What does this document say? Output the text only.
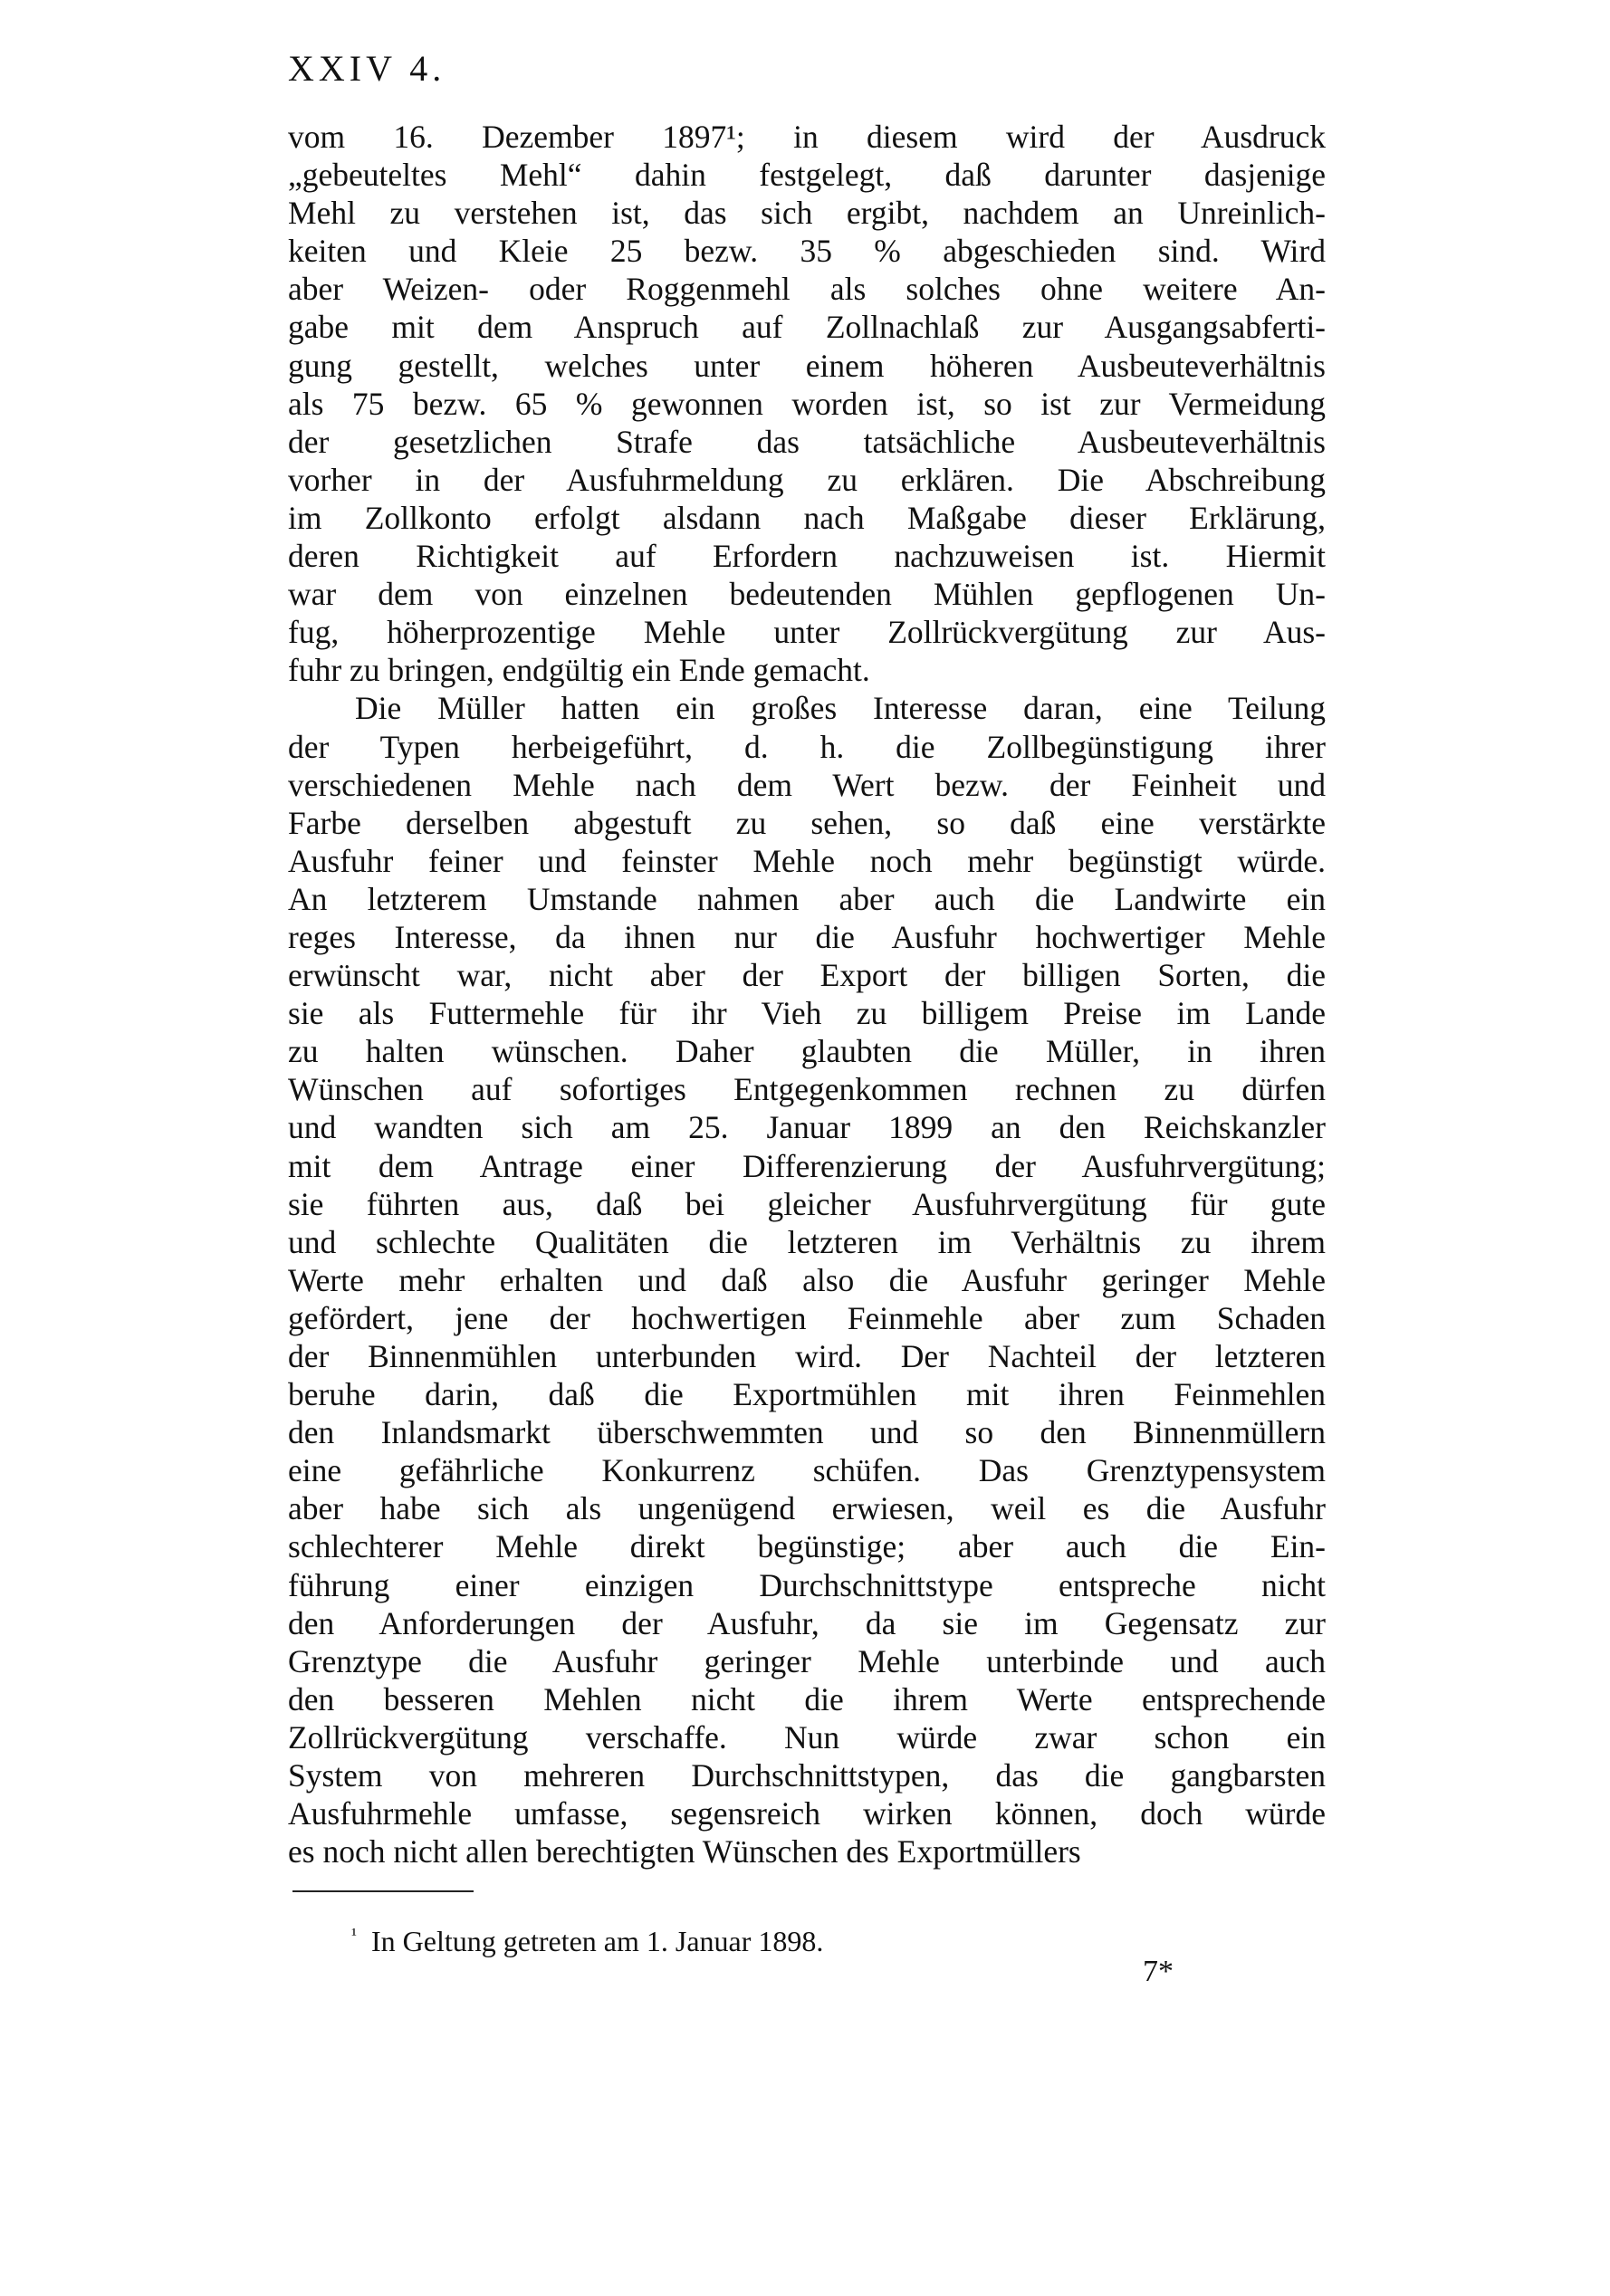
XXIV 4.
vom 16. Dezember 1897¹; in diesem wird der Ausdruck
„gebeuteltes Mehl“ dahin festgelegt, daß darunter dasjenige
Mehl zu verstehen ist, das sich ergibt, nachdem an Unreinlich-
keiten und Kleie 25 bezw. 35 % abgeschieden sind. Wird
aber Weizen- oder Roggenmehl als solches ohne weitere An-
gabe mit dem Anspruch auf Zollnachlaß zur Ausgangsabferti-
gung gestellt, welches unter einem höheren Ausbeuteverhältnis
als 75 bezw. 65 % gewonnen worden ist, so ist zur Vermeidung
der gesetzlichen Strafe das tatsächliche Ausbeuteverhältnis
vorher in der Ausfuhrmeldung zu erklären. Die Abschreibung
im Zollkonto erfolgt alsdann nach Maßgabe dieser Erklärung,
deren Richtigkeit auf Erfordern nachzuweisen ist. Hiermit
war dem von einzelnen bedeutenden Mühlen gepflogenen Un-
fug, höherprozentige Mehle unter Zollrückvergütung zur Aus-
fuhr zu bringen, endgültig ein Ende gemacht.
Die Müller hatten ein großes Interesse daran, eine Teilung
der Typen herbeigeführt, d. h. die Zollbegünstigung ihrer
verschiedenen Mehle nach dem Wert bezw. der Feinheit und
Farbe derselben abgestuft zu sehen, so daß eine verstärkte
Ausfuhr feiner und feinster Mehle noch mehr begünstigt würde.
An letzterem Umstande nahmen aber auch die Landwirte ein
reges Interesse, da ihnen nur die Ausfuhr hochwertiger Mehle
erwünscht war, nicht aber der Export der billigen Sorten, die
sie als Futtermehle für ihr Vieh zu billigem Preise im Lande
zu halten wünschen. Daher glaubten die Müller, in ihren
Wünschen auf sofortiges Entgegenkommen rechnen zu dürfen
und wandten sich am 25. Januar 1899 an den Reichskanzler
mit dem Antrage einer Differenzierung der Ausfuhrvergütung;
sie führten aus, daß bei gleicher Ausfuhrvergütung für gute
und schlechte Qualitäten die letzteren im Verhältnis zu ihrem
Werte mehr erhalten und daß also die Ausfuhr geringer Mehle
gefördert, jene der hochwertigen Feinmehle aber zum Schaden
der Binnenmühlen unterbunden wird. Der Nachteil der letzteren
beruhe darin, daß die Exportmühlen mit ihren Feinmehlen
den Inlandsmarkt überschwemmten und so den Binnenmüllern
eine gefährliche Konkurrenz schüfen. Das Grenztypensystem
aber habe sich als ungenügend erwiesen, weil es die Ausfuhr
schlechterer Mehle direkt begünstige; aber auch die Ein-
führung einer einzigen Durchschnittstype entspreche nicht
den Anforderungen der Ausfuhr, da sie im Gegensatz zur
Grenztype die Ausfuhr geringer Mehle unterbinde und auch
den besseren Mehlen nicht die ihrem Werte entsprechende
Zollrückvergütung verschaffe. Nun würde zwar schon ein
System von mehreren Durchschnittstypen, das die gangbarsten
Ausfuhrmehle umfasse, segensreich wirken können, doch würde
es noch nicht allen berechtigten Wünschen des Exportmüllers
$^{^1}$ In Geltung getreten am 1. Januar 1898.
7*
